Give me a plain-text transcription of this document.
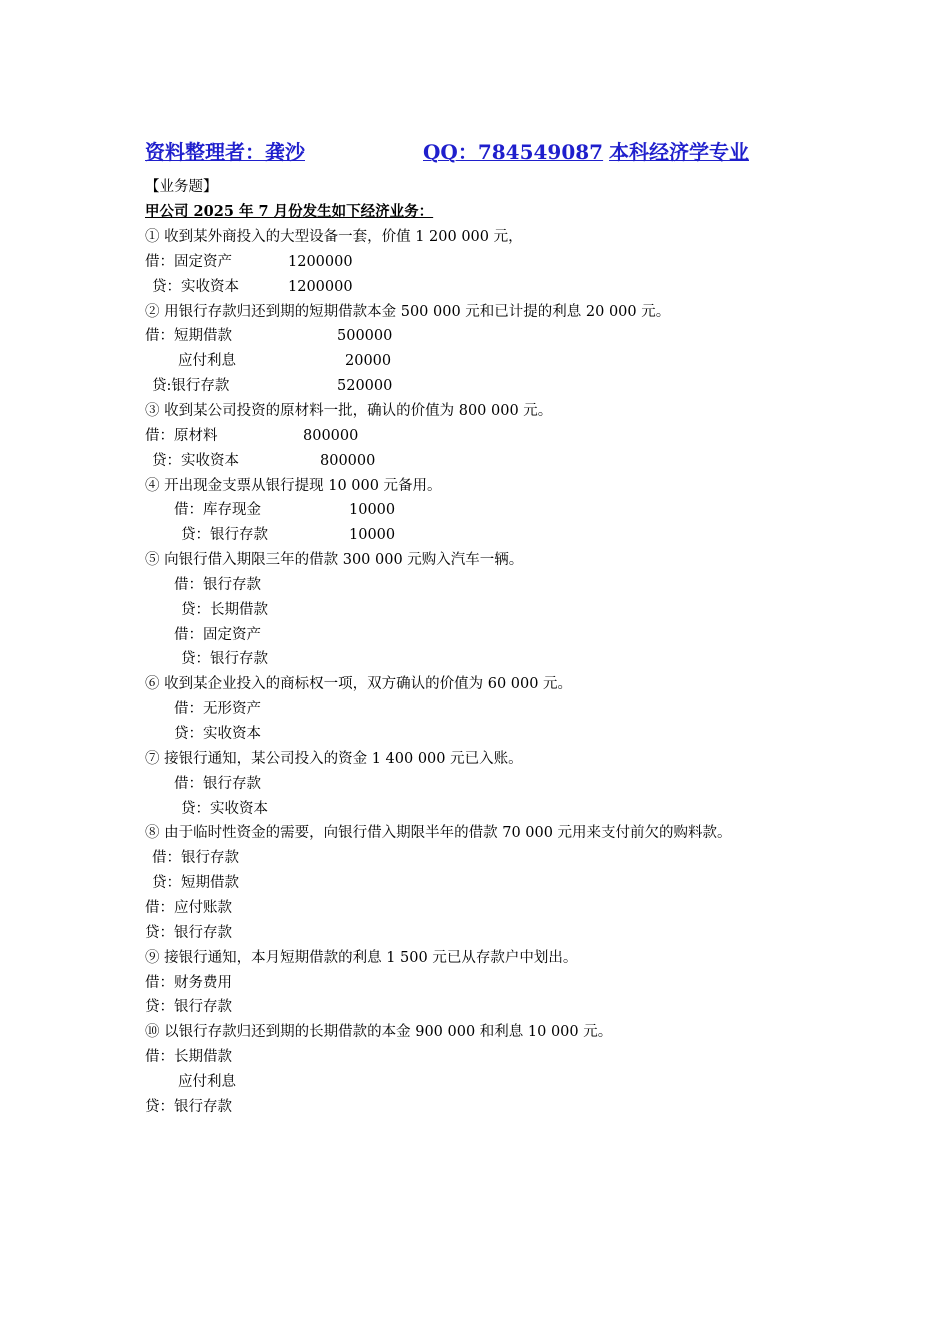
资料整理者：龚沙	QQ：784549087 本科经济学专业
【业务题】
甲公司 2025 年 7 月份发生如下经济业务：
① 收到某外商投入的大型设备一套，价值 1 200 000 元，
借：固定资产	1200000
贷：实收资本	1200000
② 用银行存款归还到期的短期借款本金 500 000 元和已计提的利息 20 000 元。
借：短期借款	500000
应付利息	20000
贷:银行存款	520000
③ 收到某公司投资的原材料一批，确认的价值为 800 000 元。
借：原材料	800000
贷：实收资本	800000
④ 开出现金支票从银行提现 10 000 元备用。
借：库存现金	10000
贷：银行存款	10000
⑤ 向银行借入期限三年的借款 300 000 元购入汽车一辆。
借：银行存款
贷：长期借款
借：固定资产
贷：银行存款
⑥ 收到某企业投入的商标权一项，双方确认的价值为 60 000 元。
借：无形资产
贷：实收资本
⑦ 接银行通知，某公司投入的资金 1 400 000 元已入账。
借：银行存款
贷：实收资本
⑧ 由于临时性资金的需要，向银行借入期限半年的借款 70 000 元用来支付前欠的购料款。
借：银行存款
贷：短期借款
借：应付账款
贷：银行存款
⑨ 接银行通知，本月短期借款的利息 1 500 元已从存款户中划出。
借：财务费用
贷：银行存款
⑩ 以银行存款归还到期的长期借款的本金 900 000 和利息 10 000 元。
借：长期借款
应付利息
贷：银行存款
